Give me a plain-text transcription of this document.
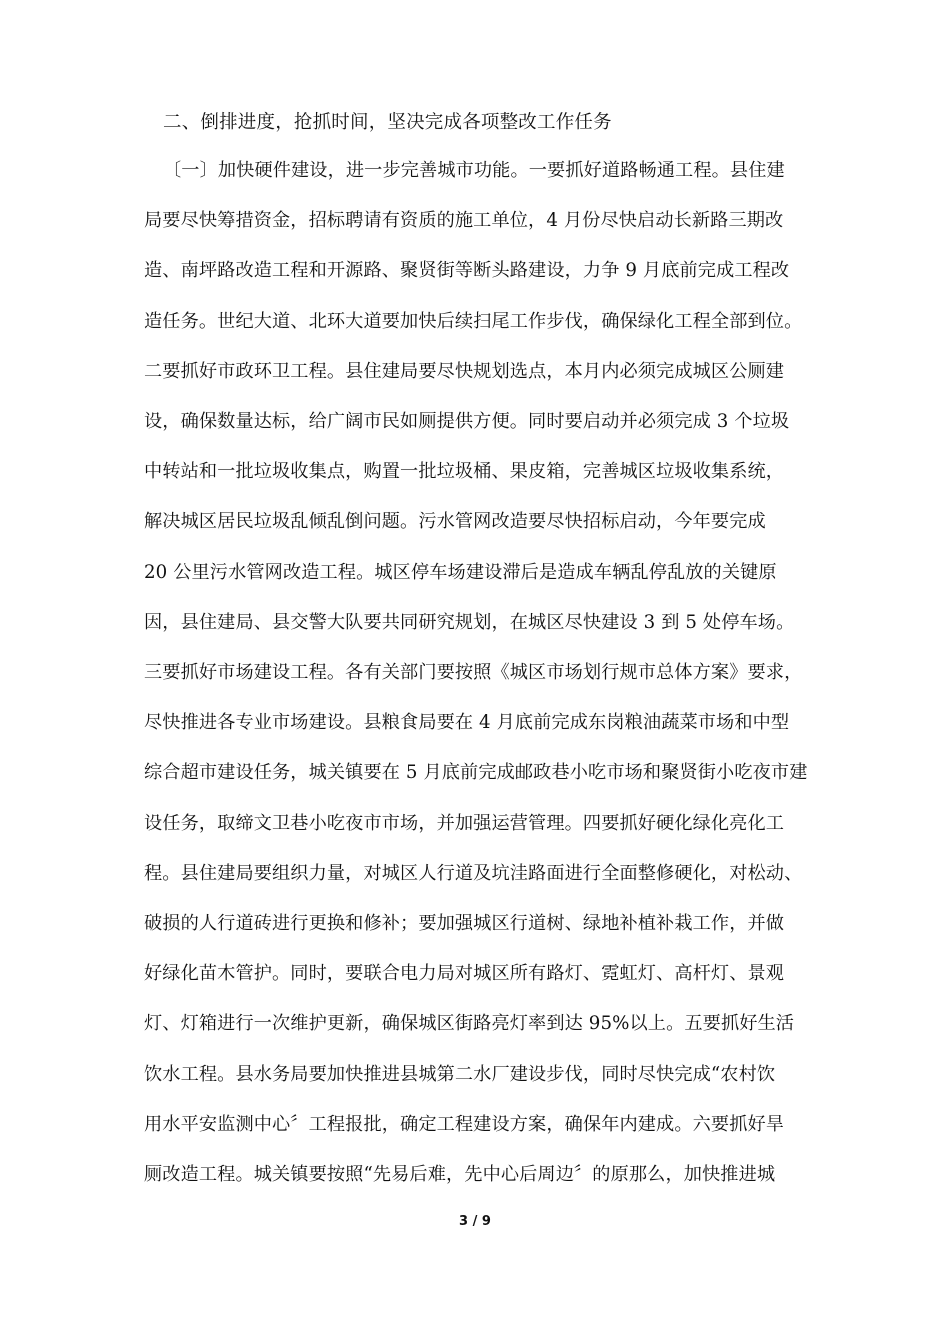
二、倒排进度，抢抓时间，坚决完成各项整改工作任务
〔一〕加快硬件建设，进一步完善城市功能。一要抓好道路畅通工程。县住建
局要尽快筹措资金，招标聘请有资质的施工单位，4 月份尽快启动长新路三期改
造、南坪路改造工程和开源路、聚贤街等断头路建设，力争 9 月底前完成工程改
造任务。世纪大道、北环大道要加快后续扫尾工作步伐，确保绿化工程全部到位。
二要抓好市政环卫工程。县住建局要尽快规划选点，本月内必须完成城区公厕建
设，确保数量达标，给广阔市民如厕提供方便。同时要启动并必须完成 3 个垃圾
中转站和一批垃圾收集点，购置一批垃圾桶、果皮箱，完善城区垃圾收集系统，
解决城区居民垃圾乱倾乱倒问题。污水管网改造要尽快招标启动，今年要完成
20 公里污水管网改造工程。城区停车场建设滞后是造成车辆乱停乱放的关键原
因，县住建局、县交警大队要共同研究规划，在城区尽快建设 3 到 5 处停车场。
三要抓好市场建设工程。各有关部门要按照《城区市场划行规市总体方案》要求，
尽快推进各专业市场建设。县粮食局要在 4 月底前完成东岗粮油蔬菜市场和中型
综合超市建设任务，城关镇要在 5 月底前完成邮政巷小吃市场和聚贤街小吃夜市建
设任务，取缔文卫巷小吃夜市市场，并加强运营管理。四要抓好硬化绿化亮化工
程。县住建局要组织力量，对城区人行道及坑洼路面进行全面整修硬化，对松动、
破损的人行道砖进行更换和修补；要加强城区行道树、绿地补植补栽工作，并做
好绿化苗木管护。同时，要联合电力局对城区所有路灯、霓虹灯、高杆灯、景观
灯、灯箱进行一次维护更新，确保城区街路亮灯率到达 95%以上。五要抓好生活
饮水工程。县水务局要加快推进县城第二水厂建设步伐，同时尽快完成“农村饮
用水平安监测中心〞工程报批，确定工程建设方案，确保年内建成。六要抓好旱
厕改造工程。城关镇要按照“先易后难，先中心后周边〞的原那么，加快推进城
3 / 9
